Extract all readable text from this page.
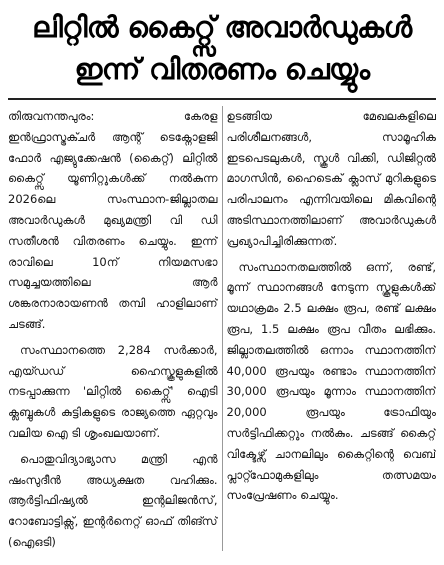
ലിറ്റിൽ കൈറ്റ്സ് അവാർഡുകൾ
ഇന്ന് വിതരണം ചെയ്യും

തിരുവനന്തപുരം: കേരള ഇൻഫ്രാസ്ട്രക്ചർ ആന്റ് ടെക്നോളജി ഫോർ എജ്യുക്കേഷൻ (കൈറ്റ്) ലിറ്റിൽ കൈറ്റ്സ് യൂണിറ്റുകൾക്ക് നൽകുന്ന 2026ലെ സംസ്ഥാന-ജില്ലാതല അവാർഡുകൾ മുഖ്യമന്ത്രി വി ഡി സതീശൻ വിതരണം ചെയ്യും. ഇന്ന് രാവിലെ 10ന് നിയമസഭാ സമുച്ചയത്തിലെ ആർ ശങ്കരനാരായണൻ തമ്പി ഹാളിലാണ് ചടങ്ങ്.

സംസ്ഥാനത്തെ 2,284 സർക്കാർ, എയ്ഡഡ് ഹൈസ്കൂളുകളിൽ നടപ്പാക്കുന്ന 'ലിറ്റിൽ കൈറ്റ്സ്' ഐടി ക്ലബ്ബുകൾ കുട്ടികളുടെ രാജ്യത്തെ ഏറ്റവും വലിയ ഐ ടി ശൃംഖലയാണ്.

പൊതുവിദ്യാഭ്യാസ മന്ത്രി എൻ ഷംസുദീൻ അധ്യക്ഷത വഹിക്കും. ആർട്ടിഫിഷ്യൽ ഇന്റലിജൻസ്, റോബോട്ടിക്സ്, ഇന്റർനെറ്റ് ഓഫ് തിങ്സ് (ഐഒടി)

ഉടങ്ങിയ മേഖലകളിലെ പരിശീലനങ്ങൾ, സാമൂഹിക ഇടപെടലുകൾ, സ്കൂൾ വിക്കി, ഡിജിറ്റൽ മാഗസിൻ, ഹൈടെക് ക്ലാസ് മുറികളുടെ പരിപാലനം എന്നിവയിലെ മികവിന്റെ അടിസ്ഥാനത്തിലാണ് അവാർഡുകൾ പ്രഖ്യാപിച്ചിരിക്കുന്നത്.

സംസ്ഥാനതലത്തിൽ ഒന്ന്, രണ്ട്, മൂന്ന് സ്ഥാനങ്ങൾ നേടുന്ന സ്കൂളുകൾക്ക് യഥാക്രമം 2.5 ലക്ഷം രൂപ, രണ്ട് ലക്ഷം രൂപ, 1.5 ലക്ഷം രൂപ വീതം ലഭിക്കും. ജില്ലാതലത്തിൽ ഒന്നാം സ്ഥാനത്തിന് 40,000 രൂപയും രണ്ടാം സ്ഥാനത്തിന് 30,000 രൂപയും മൂന്നാം സ്ഥാനത്തിന് 20,000 രൂപയും ട്രോഫിയും സർട്ടിഫിക്കറ്റും നൽകും. ചടങ്ങ് കൈറ്റ് വിക്ടേഴ്സ് ചാനലിലും കൈറ്റിന്റെ വെബ് പ്ലാറ്റ്ഫോമുകളിലും തത്സമയം സംപ്രേഷണം ചെയ്യും.
